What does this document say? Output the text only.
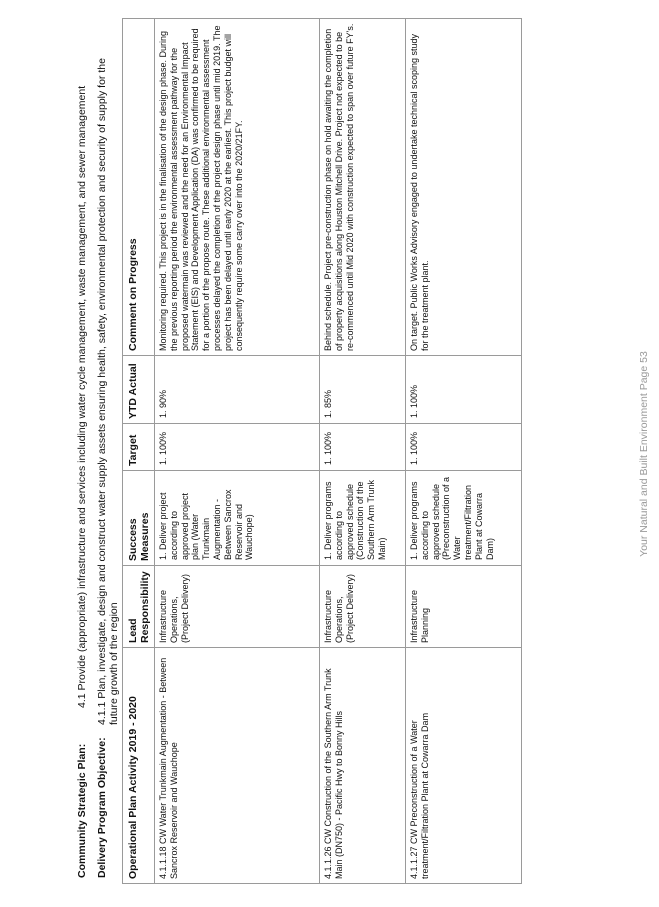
Your Natural and Built Environment Page 53
Community Strategic Plan:4.1 Provide (appropriate) infrastructure and services including water cycle management, waste management, and sewer management
Delivery Program Objective:4.1.1 Plan, investigate, design and construct water supply assets ensuring health, safety, environmental protection and security of supply for the future growth of the region
Operational Plan Activity 2019 - 2020	Lead Responsibility	Success Measures	Target	YTD Actual	Comment on Progress
4.1.1.18 CW Water Trunkmain Augmentation - Between Sancrox Reservoir and Wauchope	Infrastructure Operations, (Project Delivery)	1. Deliver project according to approved project plan (Water Trunkmain Augmentation - Between Sancrox Reservoir and Wauchope)	1. 100%	1. 90%	Monitoring required. This project is in the finalisation of the design phase. During the previous reporting period the environmental assessment pathway for the proposed watermain was reviewed and the need for an Environmental Impact Statement (EIS) and Development Application (DA) was confirmed to be required for a portion of the propose route. These additional environmental assessment processes delayed the completion of the project design phase until mid 2019. The project has been delayed until early 2020 at the earliest. This project budget will consequently require some carry over into the 2020/21FY.
4.1.1.26 CW Construction of the Southern Arm Trunk Main (DN750) - Pacific Hwy to Bonny Hills	Infrastructure Operations, (Project Delivery)	1. Deliver programs according to approved schedule (Construction of the Southern Arm Trunk Main)	1. 100%	1. 85%	Behind schedule. Project pre-construction phase on hold awaiting the completion of property acquisitions along Houston Mitchell Drive. Project not expected to be re-commenced until Mid 2020 with construction expected to span over future FY's.
4.1.1.27 CW Preconstruction of a Water treatment/Filtration Plant at Cowarra Dam	Infrastructure Planning	1. Deliver programs according to approved schedule (Preconstruction of a Water treatment/Filtration Plant at Cowarra Dam)	1. 100%	1. 100%	On target. Public Works Advisory engaged to undertake technical scoping study for the treatment plant.
